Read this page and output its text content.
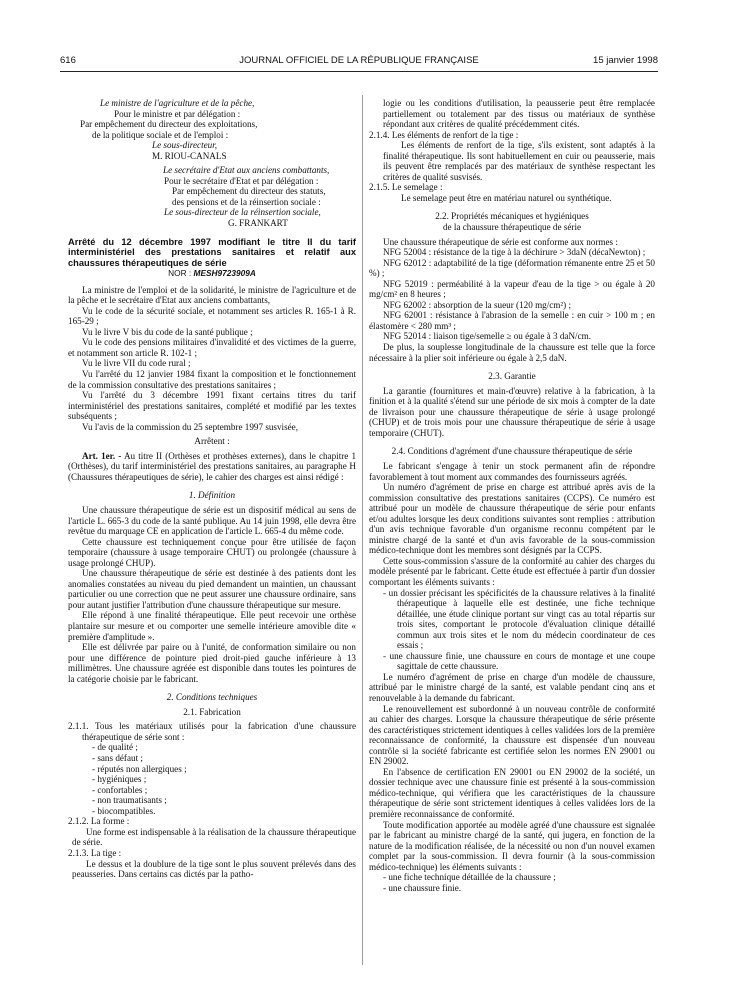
616	JOURNAL OFFICIEL DE LA RÉPUBLIQUE FRANÇAISE	15 janvier 1998
Le ministre de l'agriculture et de la pêche,
Pour le ministre et par délégation :
Par empêchement du directeur des exploitations,
de la politique sociale et de l'emploi :
Le sous-directeur,
M. RIOU-CANALS
Le secrétaire d'Etat aux anciens combattants,
Pour le secrétaire d'Etat et par délégation :
Par empêchement du directeur des statuts,
des pensions et de la réinsertion sociale :
Le sous-directeur de la réinsertion sociale,
G. FRANKART
Arrêté du 12 décembre 1997 modifiant le titre II du tarif interministériel des prestations sanitaires et relatif aux chaussures thérapeutiques de série
NOR : MESH9723909A

La ministre de l'emploi et de la solidarité, le ministre de l'agriculture et de la pêche et le secrétaire d'Etat aux anciens combattants,

Vu le code de la sécurité sociale, et notamment ses articles R. 165-1 à R. 165-29 ;

Vu le livre V bis du code de la santé publique ;

Vu le code des pensions militaires d'invalidité et des victimes de la guerre, et notamment son article R. 102-1 ;

Vu le livre VII du code rural ;

Vu l'arrêté du 12 janvier 1984 fixant la composition et le fonctionnement de la commission consultative des prestations sanitaires ;

Vu l'arrêté du 3 décembre 1991 fixant certains titres du tarif interministériel des prestations sanitaires, complété et modifié par les textes subséquents ;

Vu l'avis de la commission du 25 septembre 1997 susvisée,

Arrêtent :

Art. 1er. - Au titre II (Orthèses et prothèses externes), dans le chapitre 1 (Orthèses), du tarif interministériel des prestations sanitaires, au paragraphe H (Chaussures thérapeutiques de série), le cahier des charges est ainsi rédigé :

1. Définition

Une chaussure thérapeutique de série est un dispositif médical au sens de l'article L. 665-3 du code de la santé publique. Au 14 juin 1998, elle devra être revêtue du marquage CE en application de l'article L. 665-4 du même code.

Cette chaussure est techniquement conçue pour être utilisée de façon temporaire (chaussure à usage temporaire CHUT) ou prolongée (chaussure à usage prolongé CHUP).

Une chaussure thérapeutique de série est destinée à des patients dont les anomalies constatées au niveau du pied demandent un maintien, un chaussant particulier ou une correction que ne peut assurer une chaussure ordinaire, sans pour autant justifier l'attribution d'une chaussure thérapeutique sur mesure.

Elle répond à une finalité thérapeutique. Elle peut recevoir une orthèse plantaire sur mesure et ou comporter une semelle intérieure amovible dite « première d'amplitude ».

Elle est délivrée par paire ou à l'unité, de conformation similaire ou non pour une différence de pointure pied droit-pied gauche inférieure à 13 millimètres. Une chaussure agréée est disponible dans toutes les pointures de la catégorie choisie par le fabricant.

2. Conditions techniques
2.1. Fabrication

2.1.1. Tous les matériaux utilisés pour la fabrication d'une chaussure thérapeutique de série sont :

- de qualité ;
- sans défaut ;
- réputés non allergiques ;
- hygiéniques ;
- confortables ;
- non traumatisants ;
- biocompatibles.
2.1.2. La forme :

Une forme est indispensable à la réalisation de la chaussure thérapeutique de série.

2.1.3. La tige :

Le dessus et la doublure de la tige sont le plus souvent prélevés dans des peausseries. Dans certains cas dictés par la patho-

logie ou les conditions d'utilisation, la peausserie peut être remplacée partiellement ou totalement par des tissus ou matériaux de synthèse répondant aux critères de qualité précédemment cités.

2.1.4. Les éléments de renfort de la tige :

Les éléments de renfort de la tige, s'ils existent, sont adaptés à la finalité thérapeutique. Ils sont habituellement en cuir ou peausserie, mais ils peuvent être remplacés par des matériaux de synthèse respectant les critères de qualité susvisés.

2.1.5. Le semelage :

Le semelage peut être en matériau naturel ou synthétique.

2.2. Propriétés mécaniques et hygiéniques
de la chaussure thérapeutique de série

Une chaussure thérapeutique de série est conforme aux normes :

NFG 52004 : résistance de la tige à la déchirure > 3daN (décaNewton) ;

NFG 62012 : adaptabilité de la tige (déformation rémanente entre 25 et 50 %) ;

NFG 52019 : perméabilité à la vapeur d'eau de la tige > ou égale à 20 mg/cm² en 8 heures ;

NFG 62002 : absorption de la sueur (120 mg/cm²) ;

NFG 62001 : résistance à l'abrasion de la semelle : en cuir > 100 m ; en élastomère < 280 mm³ ;

NFG 52014 : liaison tige/semelle ≥ ou égale à 3 daN/cm.

De plus, la souplesse longitudinale de la chaussure est telle que la force nécessaire à la plier soit inférieure ou égale à 2,5 daN.

2.3. Garantie

La garantie (fournitures et main-d'œuvre) relative à la fabrication, à la finition et à la qualité s'étend sur une période de six mois à compter de la date de livraison pour une chaussure thérapeutique de série à usage prolongé (CHUP) et de trois mois pour une chaussure thérapeutique de série à usage temporaire (CHUT).

2.4. Conditions d'agrément d'une chaussure thérapeutique de série

Le fabricant s'engage à tenir un stock permanent afin de répondre favorablement à tout moment aux commandes des fournisseurs agréés.

Un numéro d'agrément de prise en charge est attribué après avis de la commission consultative des prestations sanitaires (CCPS). Ce numéro est attribué pour un modèle de chaussure thérapeutique de série pour enfants et/ou adultes lorsque les deux conditions suivantes sont remplies : attribution d'un avis technique favorable d'un organisme reconnu compétent par le ministre chargé de la santé et d'un avis favorable de la sous-commission médico-technique dont les membres sont désignés par la CCPS.

Cette sous-commission s'assure de la conformité au cahier des charges du modèle présenté par le fabricant. Cette étude est effectuée à partir d'un dossier comportant les éléments suivants :

- un dossier précisant les spécificités de la chaussure relatives à la finalité thérapeutique à laquelle elle est destinée, une fiche technique détaillée, une étude clinique portant sur vingt cas au total répartis sur trois sites, comportant le protocole d'évaluation clinique détaillé commun aux trois sites et le nom du médecin coordinateur de ces essais ;

- une chaussure finie, une chaussure en cours de montage et une coupe sagittale de cette chaussure.

Le numéro d'agrément de prise en charge d'un modèle de chaussure, attribué par le ministre chargé de la santé, est valable pendant cinq ans et renouvelable à la demande du fabricant.

Le renouvellement est subordonné à un nouveau contrôle de conformité au cahier des charges. Lorsque la chaussure thérapeutique de série présente des caractéristiques strictement identiques à celles validées lors de la première reconnaissance de conformité, la chaussure est dispensée d'un nouveau contrôle si la société fabricante est certifiée selon les normes EN 29001 ou EN 29002.

En l'absence de certification EN 29001 ou EN 29002 de la société, un dossier technique avec une chaussure finie est présenté à la sous-commission médico-technique, qui vérifiera que les caractéristiques de la chaussure thérapeutique de série sont strictement identiques à celles validées lors de la première reconnaissance de conformité.

Toute modification apportée au modèle agréé d'une chaussure est signalée par le fabricant au ministre chargé de la santé, qui jugera, en fonction de la nature de la modification réalisée, de la nécessité ou non d'un nouvel examen complet par la sous-commission. Il devra fournir (à la sous-commission médico-technique) les éléments suivants :

- une fiche technique détaillée de la chaussure ;
- une chaussure finie.
